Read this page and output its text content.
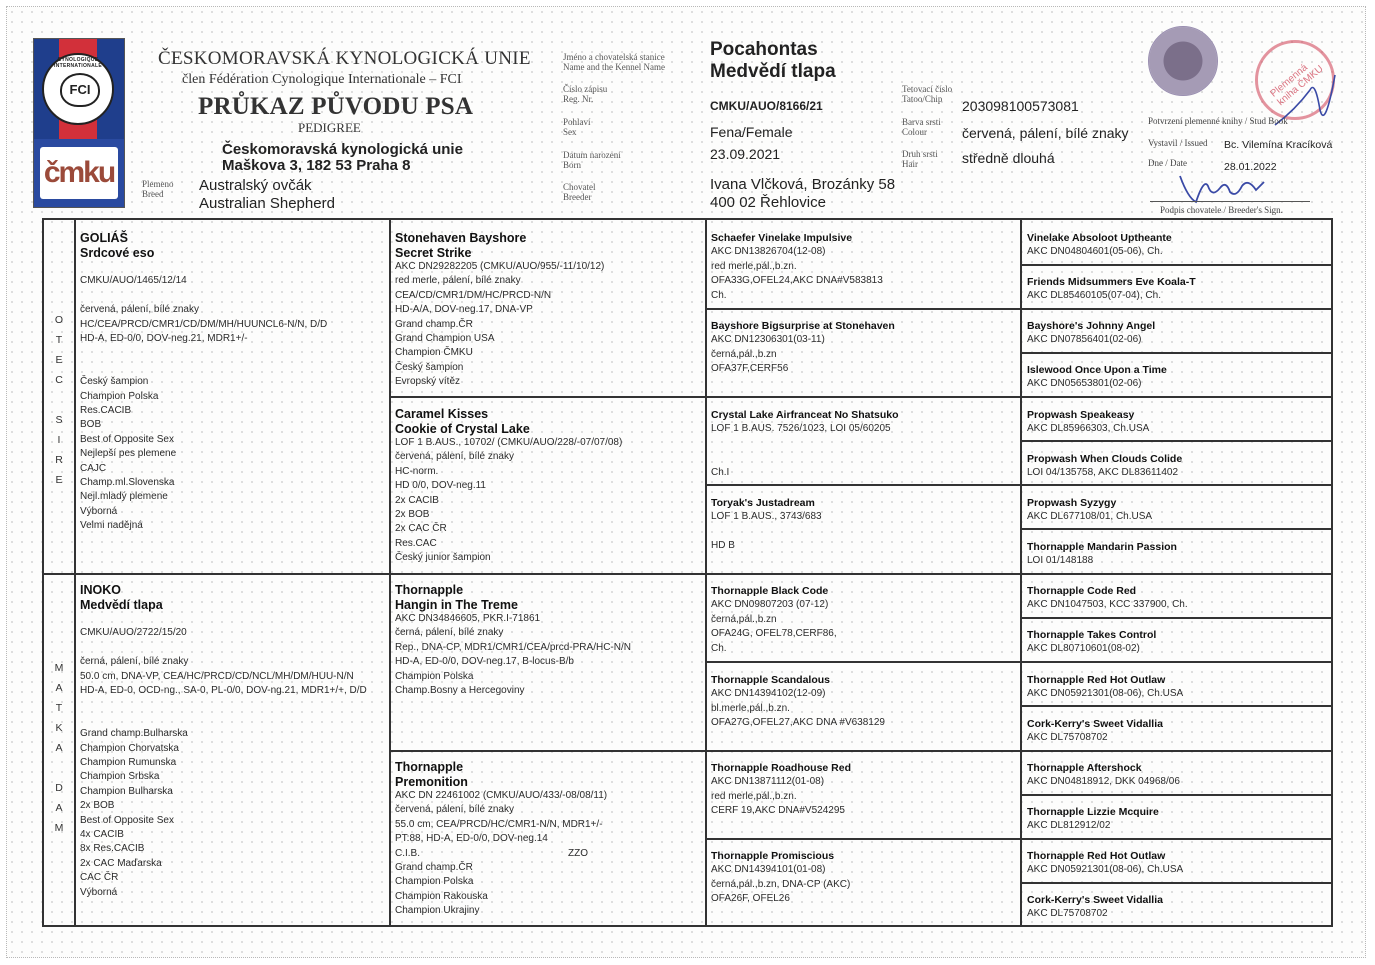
CYNOLOGIQUE INTERNATIONALE
FCI
čmku
ČESKOMORAVSKÁ KYNOLOGICKÁ UNIE
člen Fédération Cynologique Internationale – FCI
PRŮKAZ PŮVODU PSA
PEDIGREE
Českomoravská kynologická unie
Maškova 3, 182 53 Praha 8
Plemeno
Breed	Australský ovčák
Australian Shepherd
Jméno a chovatelská stanice
Name and the Kennel Name
Číslo zápisu
Reg. Nr.
Pohlaví
Sex
Datum narození
Born
Chovatel
Breeder
Pocahontas
Medvědí tlapa
CMKU/AUO/8166/21
Fena/Female
23.09.2021
Ivana Vlčková, Brozánky 58
400 02 Řehlovice
Tetovací číslo
Tatoo/Chip
Barva srsti
Colour
Druh srsti
Hair
203098100573081
červená, pálení, bílé znaky
středně dlouhá
Plemenná kniha ČMKU
Potvrzení plemenné knihy / Stud Book
Vystavil / Issued Bc. Vilemína Kracíková
Dne / Date	28.01.2022
Podpis chovatele / Breeder's Sign.
O
T
E
C
S
I
R
E
M
A
T
K
A
D
A
M
GOLIÁŠ
Srdcové eso
CMKU/AUO/1465/12/14
červená, pálení, bílé znaky
HC/CEA/PRCD/CMR1/CD/DM/MH/HUUNCL6-N/N, D/D
HD-A, ED-0/0, DOV-neg.21, MDR1+/-
Český šampion
Champion Polska
Res.CACIB
BOB
Best of Opposite Sex
Nejlepší pes plemene
CAJC
Champ.ml.Slovenska
Nejl.mladý plemene
Výborná
Velmi nadějná
INOKO
Medvědí tlapa
CMKU/AUO/2722/15/20
černá, pálení, bílé znaky
50.0 cm, DNA-VP, CEA/HC/PRCD/CD/NCL/MH/DM/HUU-N/N
HD-A, ED-0, OCD-ng., SA-0, PL-0/0, DOV-ng.21, MDR1+/+, D/D
Grand champ.Bulharska
Champion Chorvatska
Champion Rumunska
Champion Srbska
Champion Bulharska
2x BOB
Best of Opposite Sex
4x CACIB
8x Res.CACIB
2x CAC Maďarska
CAC ČR
Výborná
Stonehaven Bayshore
Secret Strike
AKC DN29282205 (CMKU/AUO/955/-11/10/12)
red merle, pálení, bílé znaky
CEA/CD/CMR1/DM/HC/PRCD-N/N
HD-A/A, DOV-neg.17, DNA-VP
Grand champ.ČR
Grand Champion USA
Champion ČMKU
Český šampion
Evropský vítěz
Caramel Kisses
Cookie of Crystal Lake
LOF 1 B.AUS., 10702/ (CMKU/AUO/228/-07/07/08)
červená, pálení, bílé znaky
HC-norm.
HD 0/0, DOV-neg.11
2x CACIB
2x BOB
2x CAC ČR
Res.CAC
Český junior šampion
Thornapple
Hangin in The Treme
AKC DN34846605, PKR.I-71861
černá, pálení, bílé znaky
Rep., DNA-CP, MDR1/CMR1/CEA/prcd-PRA/HC-N/N
HD-A, ED-0/0, DOV-neg.17, B-locus-B/b
Champion Polska
Champ.Bosny a Hercegoviny
Thornapple
Premonition
AKC DN 22461002 (CMKU/AUO/433/-08/08/11)
červená, pálení, bílé znaky
55.0 cm, CEA/PRCD/HC/CMR1-N/N, MDR1+/-
PT:88, HD-A, ED-0/0, DOV-neg.14
C.I.B.
Grand champ.ČR
Champion Polska
Champion Rakouska
Champion Ukrajiny
ZZO
Schaefer Vinelake Impulsive
AKC DN13826704(12-08)
red merle,pál.,b.zn.
OFA33G,OFEL24,AKC DNA#V583813
Ch.
Bayshore Bigsurprise at Stonehaven
AKC DN12306301(03-11)
černá,pál.,b.zn
OFA37F,CERF56
Crystal Lake Airfranceat No Shatsuko
LOF 1 B.AUS. 7526/1023, LOI 05/60205
Ch.I
Toryak's Justadream
LOF 1 B.AUS., 3743/683
HD B
Thornapple Black Code
AKC DN09807203 (07-12)
černá,pál.,b.zn
OFA24G, OFEL78,CERF86,
Ch.
Thornapple Scandalous
AKC DN14394102(12-09)
bl.merle,pál.,b.zn.
OFA27G,OFEL27,AKC DNA #V638129
Thornapple Roadhouse Red
AKC DN13871112(01-08)
red merle,pál.,b.zn.
CERF 19,AKC DNA#V524295
Thornapple Promiscious
AKC DN14394101(01-08)
černá,pál.,b.zn, DNA-CP (AKC)
OFA26F, OFEL26
Vinelake Absoloot Uptheante
AKC DN04804601(05-06), Ch.
Friends Midsummers Eve Koala-T
AKC DL85460105(07-04), Ch.
Bayshore's Johnny Angel
AKC DN07856401(02-06)
Islewood Once Upon a Time
AKC DN05653801(02-06)
Propwash Speakeasy
AKC DL85966303, Ch.USA
Propwash When Clouds Colide
LOI 04/135758, AKC DL83611402
Propwash Syzygy
AKC DL677108/01, Ch.USA
Thornapple Mandarin Passion
LOI 01/148188
Thornapple Code Red
AKC DN1047503, KCC 337900, Ch.
Thornapple Takes Control
AKC DL80710601(08-02)
Thornapple Red Hot Outlaw
AKC DN05921301(08-06), Ch.USA
Cork-Kerry's Sweet Vidallia
AKC DL75708702
Thornapple Aftershock
AKC DN04818912, DKK 04968/06
Thornapple Lizzie Mcquire
AKC DL812912/02
Thornapple Red Hot Outlaw
AKC DN05921301(08-06), Ch.USA
Cork-Kerry's Sweet Vidallia
AKC DL75708702
